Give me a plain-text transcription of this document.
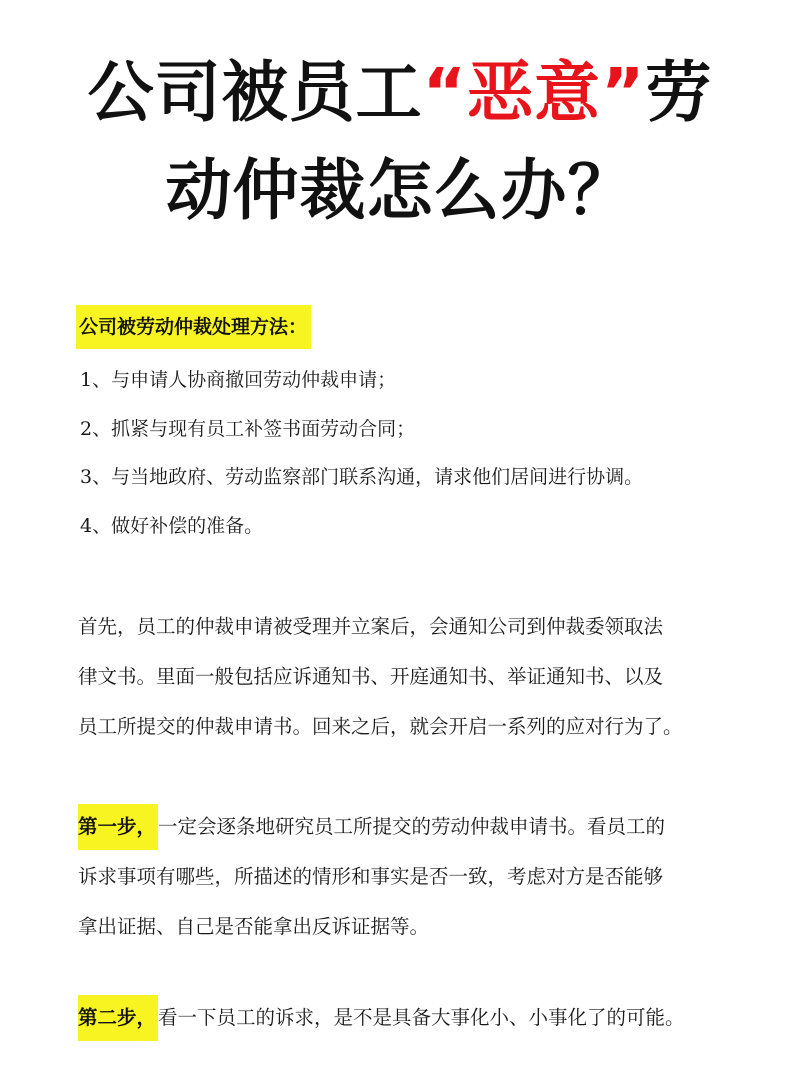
公司被员工“恶意”劳
动仲裁怎么办？
公司被劳动仲裁处理方法：
1、与申请人协商撤回劳动仲裁申请；
2、抓紧与现有员工补签书面劳动合同；
3、与当地政府、劳动监察部门联系沟通，请求他们居间进行协调。
4、做好补偿的准备。
首先，员工的仲裁申请被受理并立案后，会通知公司到仲裁委领取法
律文书。里面一般包括应诉通知书、开庭通知书、举证通知书、以及
员工所提交的仲裁申请书。回来之后，就会开启一系列的应对行为了。
第一步， 一定会逐条地研究员工所提交的劳动仲裁申请书。看员工的
诉求事项有哪些，所描述的情形和事实是否一致，考虑对方是否能够
拿出证据、自己是否能拿出反诉证据等。
第二步， 看一下员工的诉求，是不是具备大事化小、小事化了的可能。
